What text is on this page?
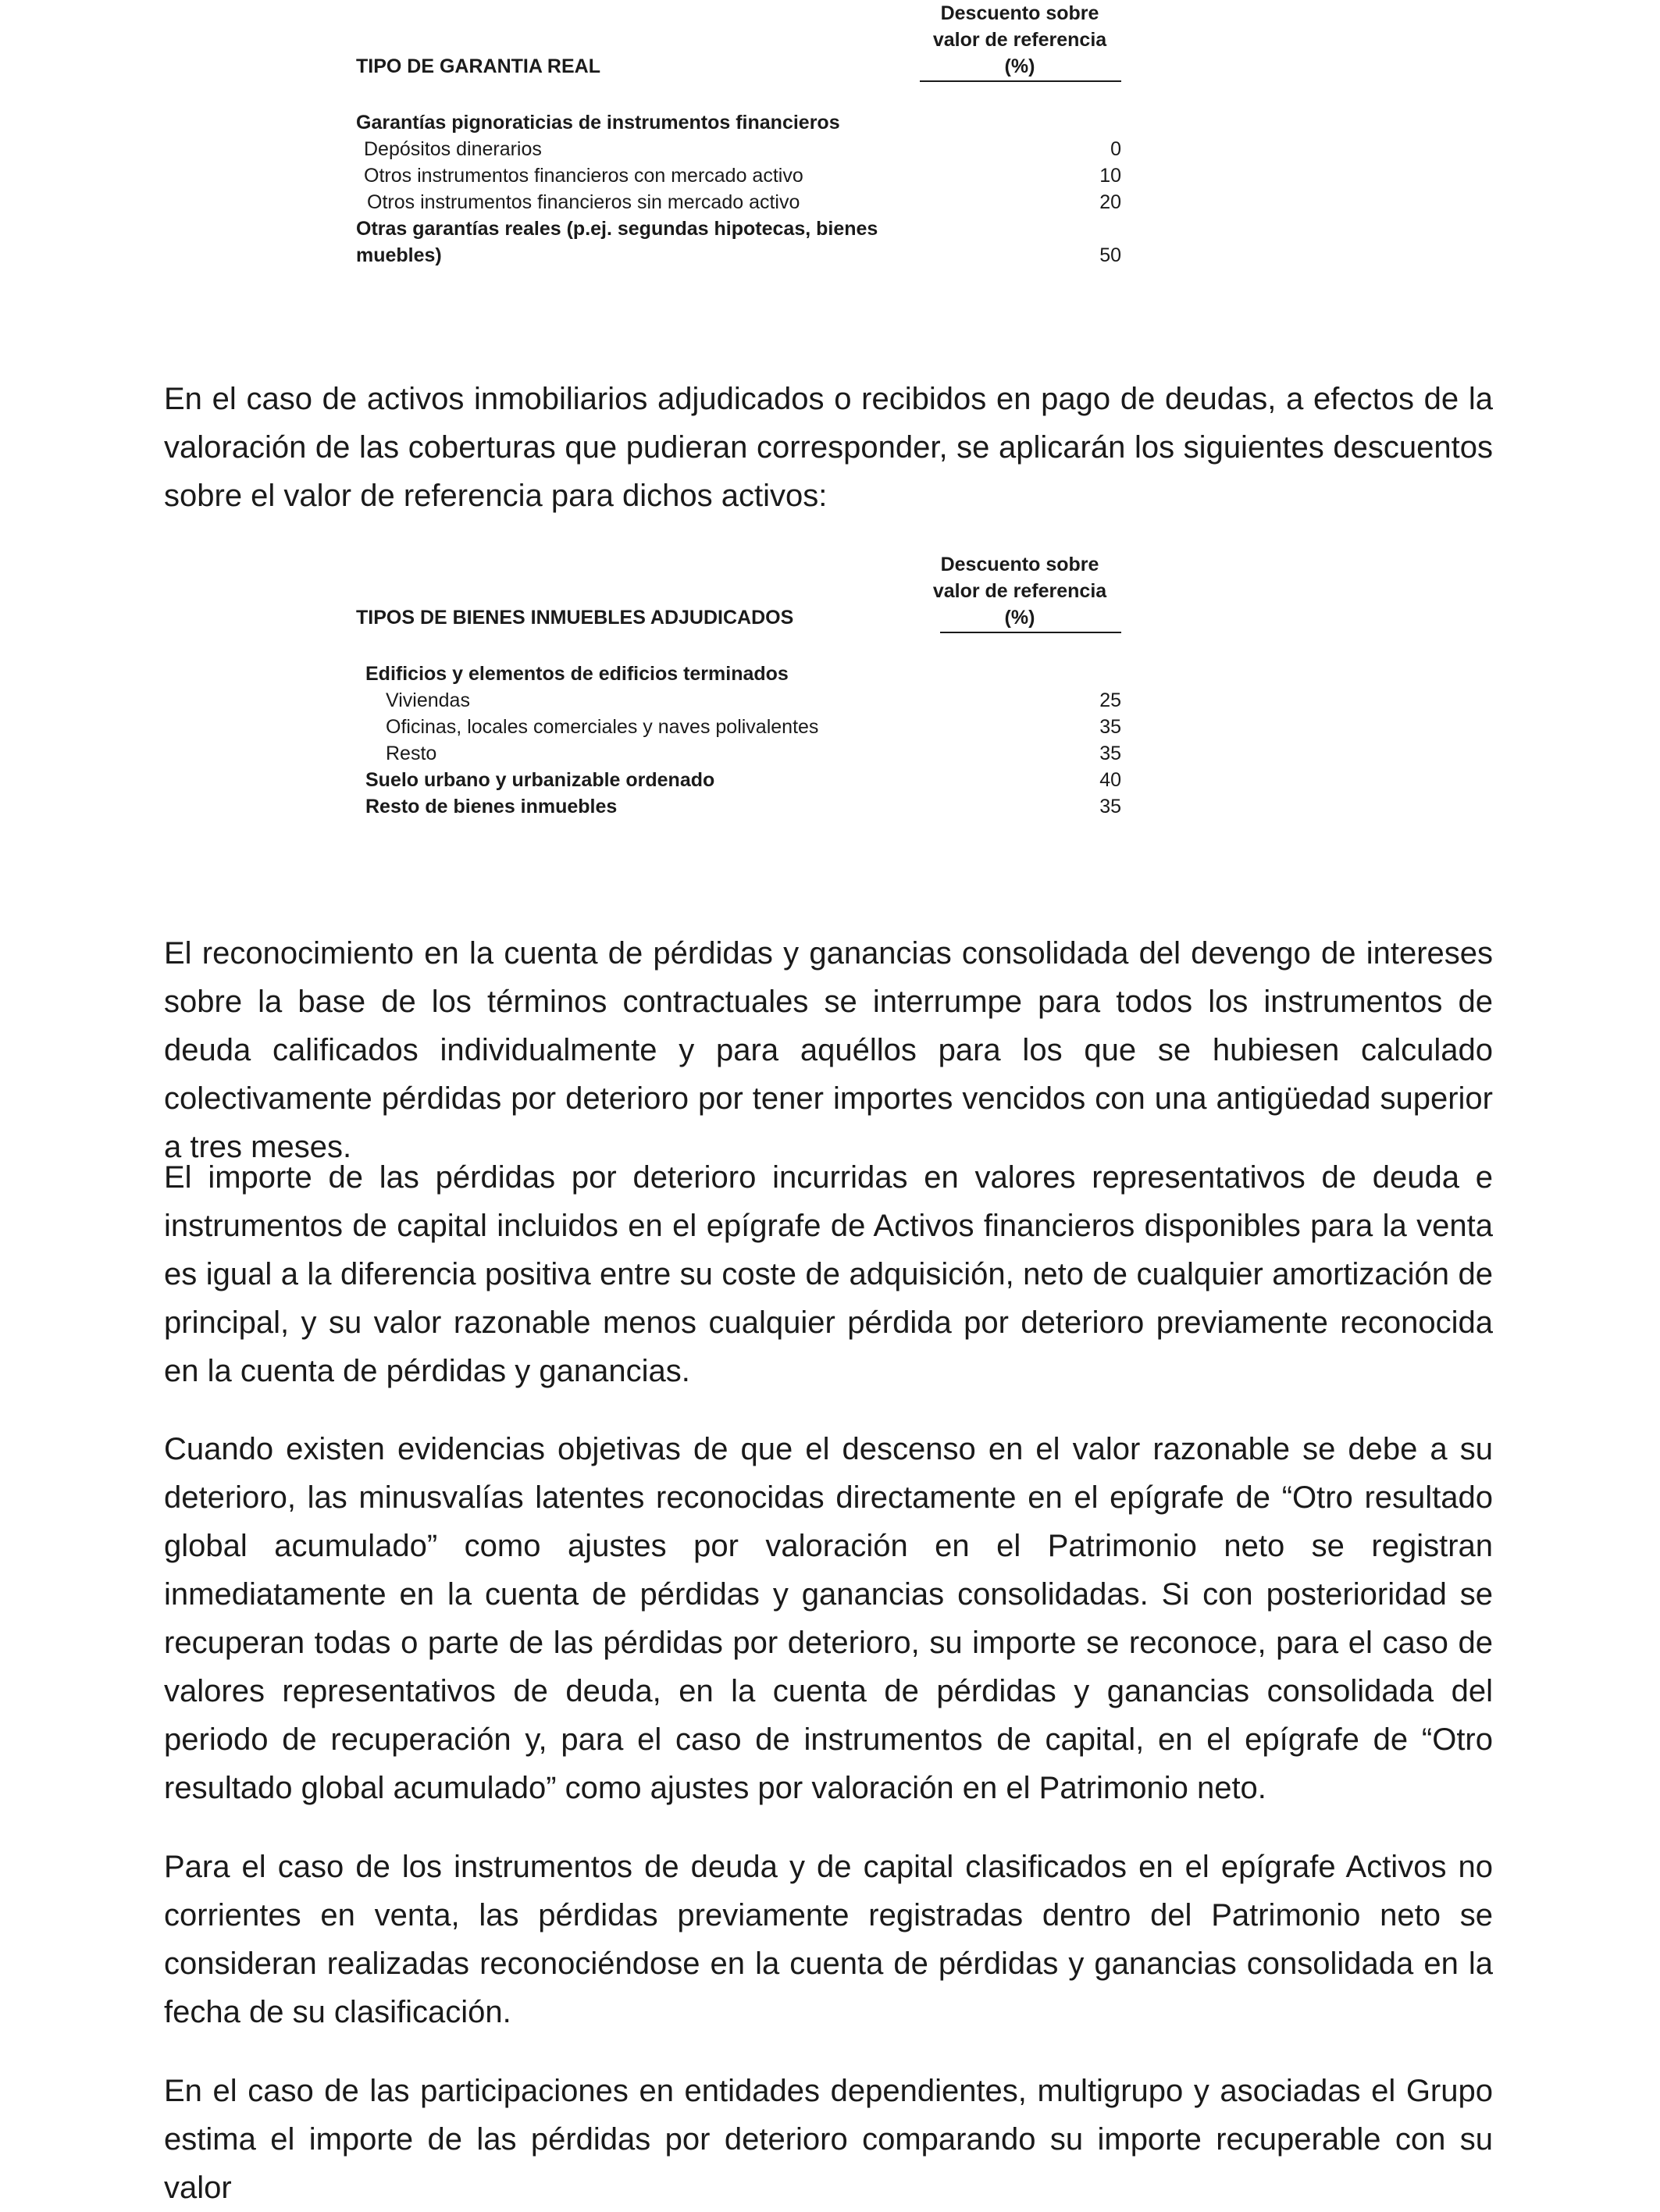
Descuento sobre
valor de referencia
(%)
TIPO DE GARANTIA REAL
Garantías pignoraticias de instrumentos financieros
Depósitos dinerarios	0
Otros instrumentos financieros con mercado activo	10
Otros instrumentos financieros sin mercado activo	20
Otras garantías reales (p.ej. segundas hipotecas, bienes
muebles)	50

En el caso de activos inmobiliarios adjudicados o recibidos en pago de deudas, a efectos de la valoración de las coberturas que pudieran corresponder, se aplicarán los siguientes descuentos sobre el valor de referencia para dichos activos:

Descuento sobre
valor de referencia
(%)
TIPOS DE BIENES INMUEBLES ADJUDICADOS
Edificios y elementos de edificios terminados
Viviendas	25
Oficinas, locales comerciales y naves polivalentes	35
Resto	35
Suelo urbano y urbanizable ordenado	40
Resto de bienes inmuebles	35

El reconocimiento en la cuenta de pérdidas y ganancias consolidada del devengo de intereses sobre la base de los términos contractuales se interrumpe para todos los instrumentos de deuda calificados individualmente y para aquéllos para los que se hubiesen calculado colectivamente pérdidas por deterioro por tener importes vencidos con una antigüedad superior a tres meses.

El importe de las pérdidas por deterioro incurridas en valores representativos de deuda e instrumentos de capital incluidos en el epígrafe de Activos financieros disponibles para la venta es igual a la diferencia positiva entre su coste de adquisición, neto de cualquier amortización de principal, y su valor razonable menos cualquier pérdida por deterioro previamente reconocida en la cuenta de pérdidas y ganancias.

Cuando existen evidencias objetivas de que el descenso en el valor razonable se debe a su deterioro, las minusvalías latentes reconocidas directamente en el epígrafe de “Otro resultado global acumulado” como ajustes por valoración en el Patrimonio neto se registran inmediatamente en la cuenta de pérdidas y ganancias consolidadas. Si con posterioridad se recuperan todas o parte de las pérdidas por deterioro, su importe se reconoce, para el caso de valores representativos de deuda, en la cuenta de pérdidas y ganancias consolidada del periodo de recuperación y, para el caso de instrumentos de capital, en el epígrafe de “Otro resultado global acumulado” como ajustes por valoración en el Patrimonio neto.

Para el caso de los instrumentos de deuda y de capital clasificados en el epígrafe Activos no corrientes en venta, las pérdidas previamente registradas dentro del Patrimonio neto se consideran realizadas reconociéndose en la cuenta de pérdidas y ganancias consolidada en la fecha de su clasificación.

En el caso de las participaciones en entidades dependientes, multigrupo y asociadas el Grupo estima el importe de las pérdidas por deterioro comparando su importe recuperable con su valor
